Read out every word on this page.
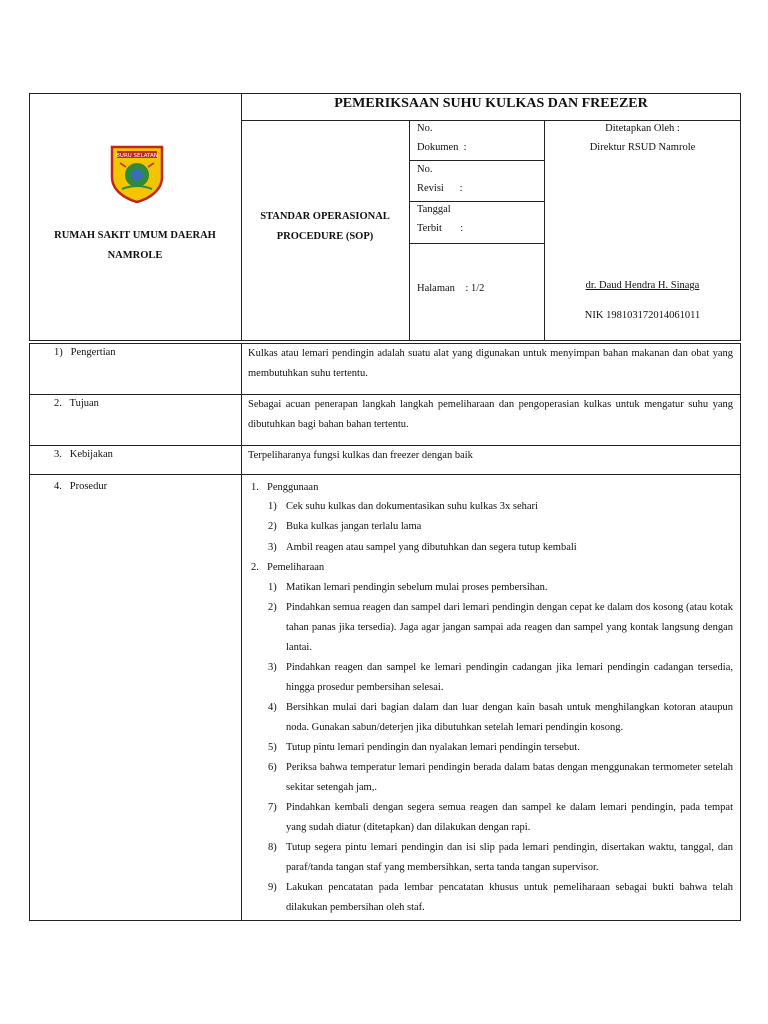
PEMERIKSAAN SUHU KULKAS DAN FREEZER
BURU SELATAN
RUMAH SAKIT UMUM DAERAH
NAMROLE
STANDAR OPERASIONAL
PROCEDURE (SOP)
No.
Dokumen  :
No.
Revisi      :
Tanggal
Terbit       :
Halaman    : 1/2
Ditetapkan Oleh :
Direktur RSUD Namrole
dr. Daud Hendra H. Sinaga
NIK 198103172014061011
1)   Pengertian	Kulkas atau lemari pendingin adalah suatu alat yang digunakan untuk menyimpan bahan makanan dan obat yang membutuhkan suhu tertentu.
2.   Tujuan	Sebagai acuan penerapan langkah langkah pemeliharaan dan pengoperasian kulkas untuk mengatur suhu yang dibutuhkan bagi bahan bahan tertentu.
3.   Kebijakan	Terpeliharanya fungsi kulkas dan freezer dengan baik
4.   Prosedur	1. Penggunaan
1) Cek suhu kulkas dan dokumentasikan suhu kulkas 3x sehari
2) Buka kulkas jangan terlalu lama
3) Ambil reagen atau sampel yang dibutuhkan dan segera tutup kembali
2. Pemeliharaan
1) Matikan lemari pendingin sebelum mulai proses pembersihan.
2) Pindahkan semua reagen dan sampel dari lemari pendingin dengan cepat ke dalam dos kosong (atau kotak tahan panas jika tersedia). Jaga agar jangan sampai ada reagen dan sampel yang kontak langsung dengan lantai.
3) Pindahkan reagen dan sampel ke lemari pendingin cadangan jika lemari pendingin cadangan tersedia, hingga prosedur pembersihan selesai.
4) Bersihkan mulai dari bagian dalam dan luar dengan kain basah untuk menghilangkan kotoran ataupun noda. Gunakan sabun/deterjen jika dibutuhkan setelah lemari pendingin kosong.
5) Tutup pintu lemari pendingin dan nyalakan lemari pendingin tersebut.
6) Periksa bahwa temperatur lemari pendingin berada dalam batas dengan menggunakan termometer setelah sekitar setengah jam,.
7) Pindahkan kembali dengan segera semua reagen dan sampel ke dalam lemari pendingin, pada tempat yang sudah diatur (ditetapkan) dan dilakukan dengan rapi.
8) Tutup segera pintu lemari pendingin dan isi slip pada lemari pendingin, disertakan waktu, tanggal, dan paraf/tanda tangan staf yang membersihkan, serta tanda tangan supervisor.
9) Lakukan pencatatan pada lembar pencatatan khusus untuk pemeliharaan sebagai bukti bahwa telah dilakukan pembersihan oleh staf.
